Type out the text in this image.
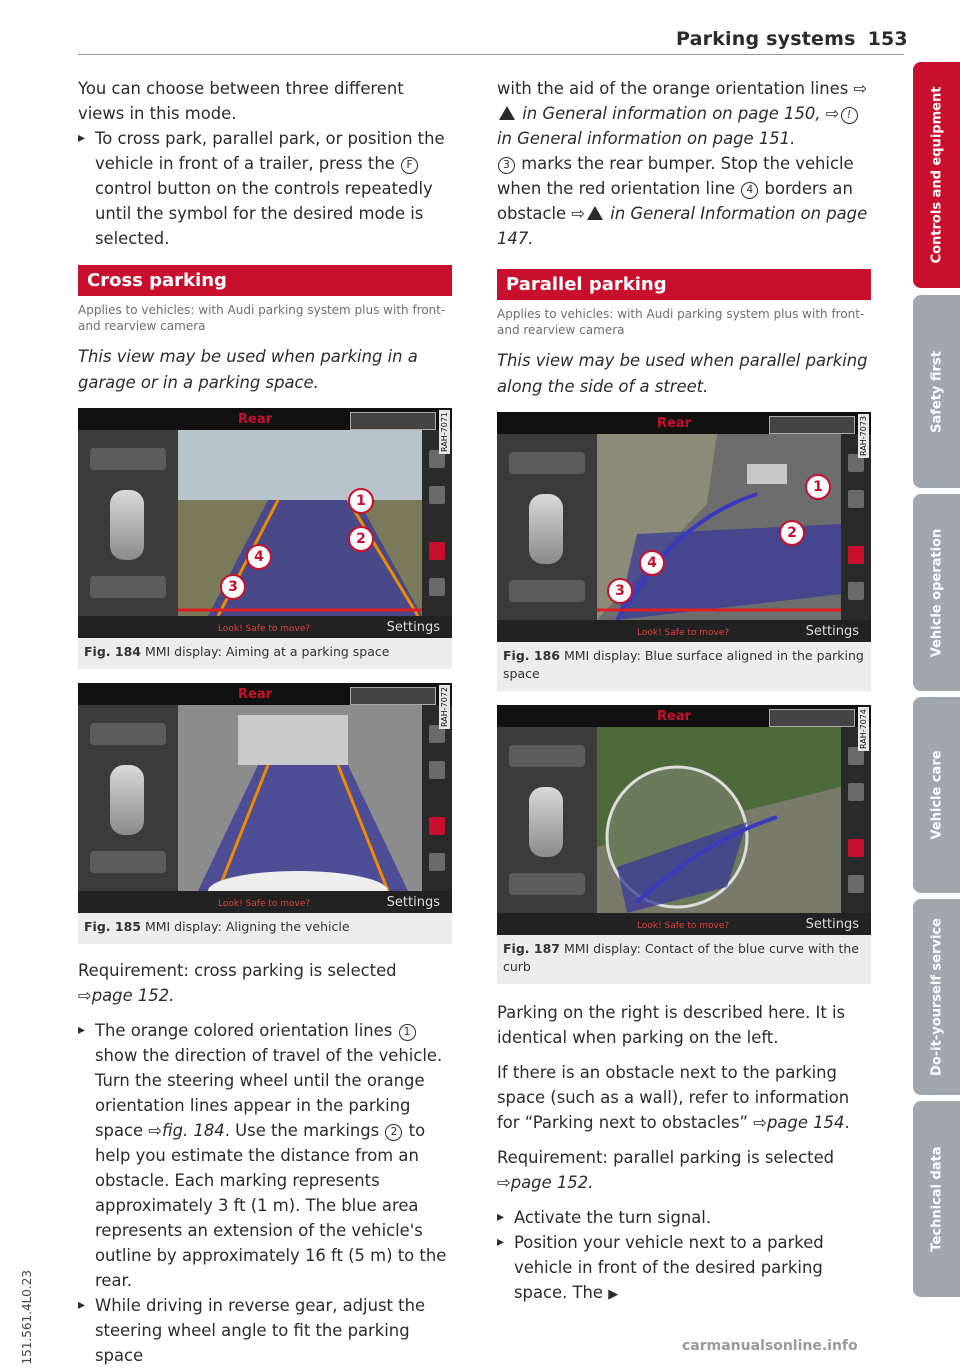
Parking systems 153

You can choose between three different views in this mode.

▸ To cross park, parallel park, or position the vehicle in front of a trailer, press the F control button on the controls repeatedly until the symbol for the desired mode is selected.

Cross parking
Applies to vehicles: with Audi parking system plus with front- and rearview camera
This view may be used when parking in a garage or in a parking space.
Rear
1
2
4
3
RAH-7071
Look! Safe to move?	Settings
Fig. 184 MMI display: Aiming at a parking space
Rear	RAH-7072
Look! Safe to move?	Settings
Fig. 185 MMI display: Aligning the vehicle

Requirement: cross parking is selected
⇨page 152.

▸ The orange colored orientation lines 1 show the direction of travel of the vehicle. Turn the steering wheel until the orange orientation lines appear in the parking space ⇨fig. 184. Use the markings 2 to help you estimate the distance from an obstacle. Each marking represents approximately 3 ft (1 m). The blue area represents an extension of the vehicle's outline by approximately 16 ft (5 m) to the rear.

▸ While driving in reverse gear, adjust the steering wheel angle to fit the parking space

with the aid of the orange orientation lines ⇨ in General information on page 150, ⇨ ! in General information on page 151.
3 marks the rear bumper. Stop the vehicle when the red orientation line 4 borders an obstacle ⇨ in General Information on page 147.

Parallel parking
Applies to vehicles: with Audi parking system plus with front- and rearview camera
This view may be used when parallel parking along the side of a street.
Rear
1
2
4
3
RAH-7073
Look! Safe to move?	Settings
Fig. 186 MMI display: Blue surface aligned in the parking space
Rear	RAH-7074
Look! Safe to move?	Settings
Fig. 187 MMI display: Contact of the blue curve with the curb

Parking on the right is described here. It is identical when parking on the left.

If there is an obstacle next to the parking space (such as a wall), refer to information for “Parking next to obstacles” ⇨page 154.

Requirement: parallel parking is selected
⇨page 152.

▸ Activate the turn signal.

▸ Position your vehicle next to a parked vehicle in front of the desired parking space. The ▶

Controls and equipment
Safety first
Vehicle operation
Vehicle care
Do-it-yourself service
Technical data
151.561.4L0.23	carmanualsonline.info
